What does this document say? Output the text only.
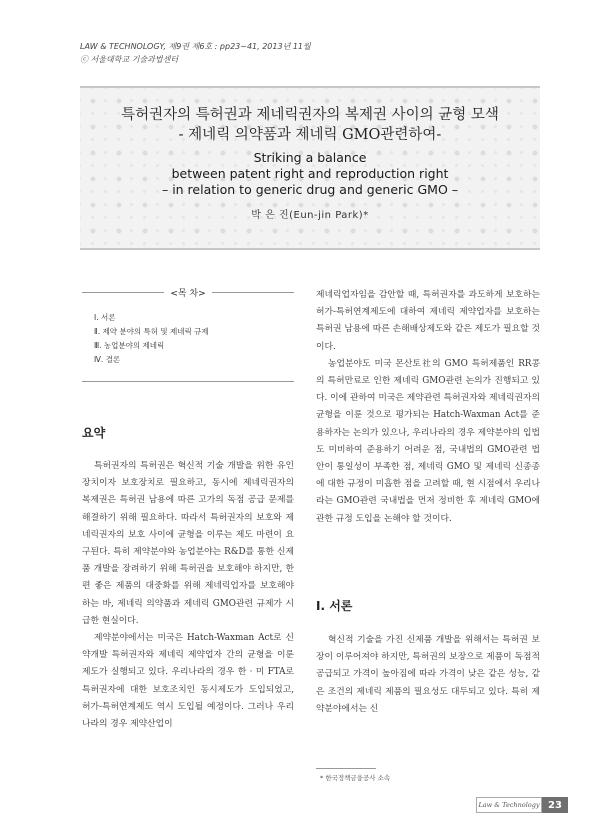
LAW & TECHNOLOGY, 제9권 제6호 : pp23~41, 2013년 11월
ⓒ 서울대학교 기술과법센터
특허권자의 특허권과 제네릭권자의 복제권 사이의 균형 모색
- 제네릭 의약품과 제네릭 GMO관련하여-
Striking a balance
between patent right and reproduction right
– in relation to generic drug and generic GMO –
박 은 진(Eun-jin Park)*
<목 차>
Ⅰ. 서론
Ⅱ. 제약 분야의 특허 및 제네릭 규제
Ⅲ. 농업분야의 제네릭
Ⅳ. 결론
요약

특허권자의 특허권은 혁신적 기술 개발을 위한 유인장치이자 보호장치로 필요하고, 동시에 제네릭권자의 복제권은 특허권 남용에 따른 고가의 독점 공급 문제를 해결하기 위해 필요하다. 따라서 특허권자의 보호와 제네릭권자의 보호 사이에 균형을 이루는 제도 마련이 요구된다. 특히 제약분야와 농업분야는 R&D를 통한 신제품 개발을 장려하기 위해 특허권을 보호해야 하지만, 한편 좋은 제품의 대중화를 위해 제네릭업자를 보호해야하는 바, 제네릭 의약품과 제네릭 GMO관련 규제가 시급한 현실이다.

제약분야에서는 미국은 Hatch-Waxman Act로 신약개발 특허권자와 제네릭 제약업자 간의 균형을 이룬 제도가 실행되고 있다. 우리나라의 경우 한 · 미 FTA로 특허권자에 대한 보호조치인 동시제도가 도입되었고, 허가-특허연계제도 역시 도입될 예정이다. 그러나 우리나라의 경우 제약산업이

제네릭업자임을 감안할 때, 특허권자를 과도하게 보호하는 허가-특허연계제도에 대하여 제네릭 제약업자를 보호하는 특허권 남용에 따른 손해배상제도와 같은 제도가 필요할 것이다.

농업분야도 미국 몬산토社의 GMO 특허제품인 RR콩의 특허만료로 인한 제네릭 GMO관련 논의가 진행되고 있다. 이에 관하여 미국은 제약관련 특허권자와 제네릭권자의 균형을 이룬 것으로 평가되는 Hatch-Waxman Act를 준용하자는 논의가 있으나, 우리나라의 경우 제약분야의 입법도 미비하여 준용하기 어려운 점, 국내법의 GMO관련 법안이 통일성이 부족한 점, 제네릭 GMO 및 제네릭 신종종에 대한 규정이 미흡한 점을 고려할 때, 현 시점에서 우리나라는 GMO관련 국내법을 먼저 정비한 후 제네릭 GMO에 관한 규정 도입을 논해야 할 것이다.

Ⅰ. 서론

혁신적 기술을 가진 신제품 개발을 위해서는 특허권 보장이 이루어져야 하지만, 특허권의 보장으로 제품이 독점적 공급되고 가격이 높아짐에 따라 가격이 낮은 같은 성능, 같은 조건의 제네릭 제품의 필요성도 대두되고 있다. 특히 제약분야에서는 신

* 한국정책금융공사 소속
Law & Technology 23
